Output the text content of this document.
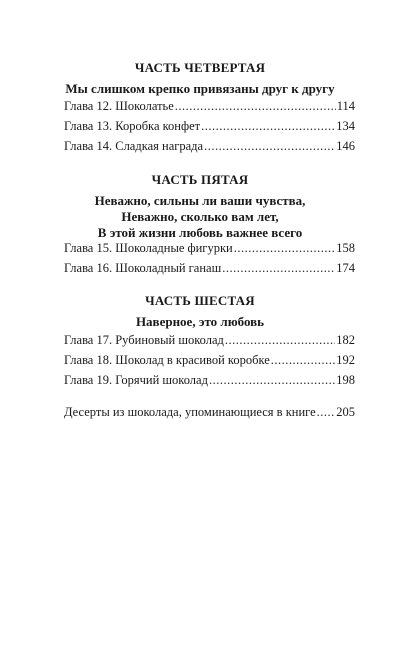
ЧАСТЬ ЧЕТВЕРТАЯ
Мы слишком крепко привязаны друг к другу
Глава 12. Шоколатье .....	114
Глава 13. Коробка конфет .....	134
Глава 14. Сладкая награда .....	146
ЧАСТЬ ПЯТАЯ
Неважно, сильны ли ваши чувства,
Неважно, сколько вам лет,
В этой жизни любовь важнее всего
Глава 15. Шоколадные фигурки .....	158
Глава 16. Шоколадный ганаш .....	174
ЧАСТЬ ШЕСТАЯ
Наверное, это любовь
Глава 17. Рубиновый шоколад .....	182
Глава 18. Шоколад в красивой коробке .....	192
Глава 19. Горячий шоколад .....	198
Десерты из шоколада, упоминающиеся в книге ..... 205
